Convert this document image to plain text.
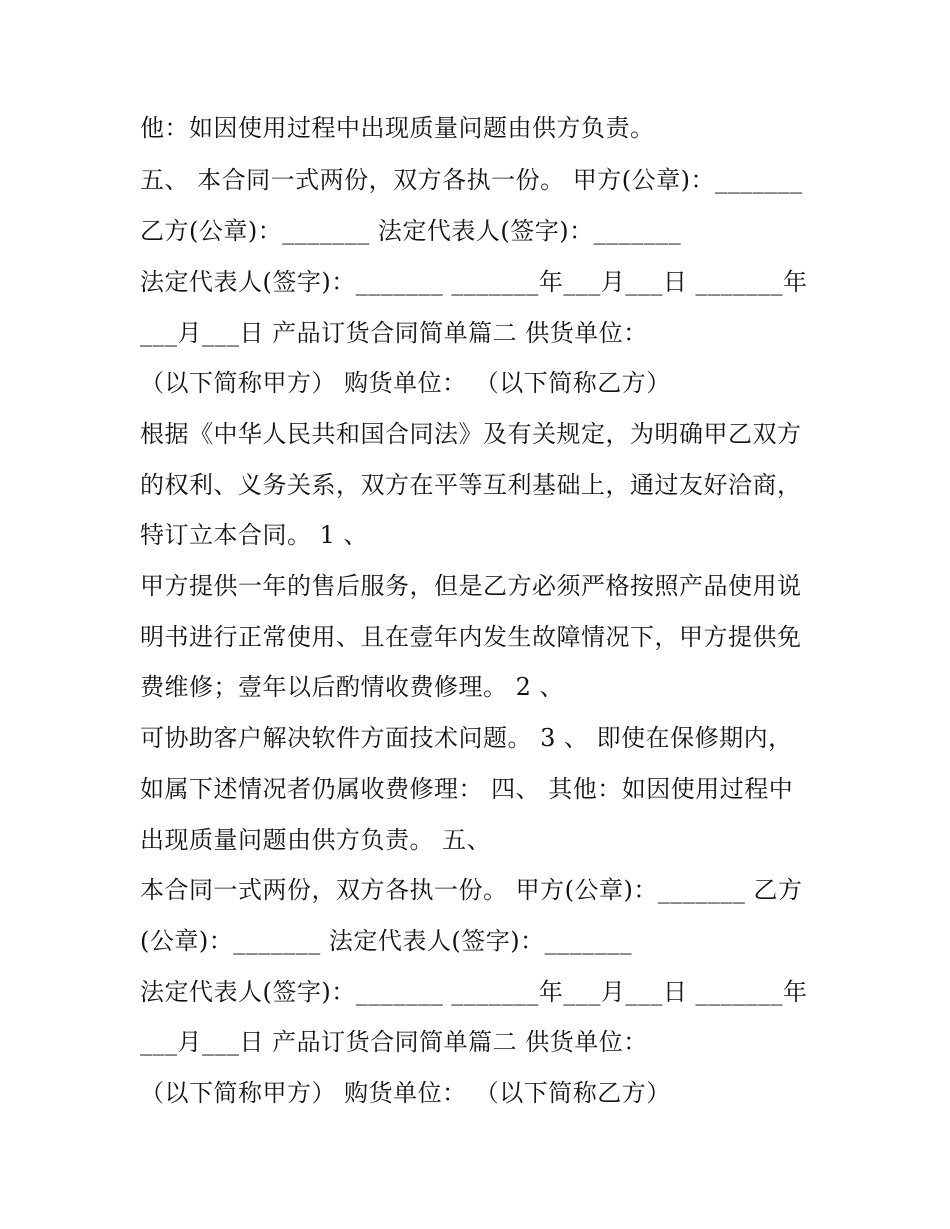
他：如因使用过程中出现质量问题由供方负责。
五、 本合同一式两份，双方各执一份。 甲方(公章)：_______
乙方(公章)：_______ 法定代表人(签字)：_______
法定代表人(签字)：_______ _______年___月___日 _______年
___月___日 产品订货合同简单篇二 供货单位：
（以下简称甲方） 购货单位： （以下简称乙方）
根据《中华人民共和国合同法》及有关规定，为明确甲乙双方
的权利、义务关系，双方在平等互利基础上，通过友好洽商，
特订立本合同。 1 、
甲方提供一年的售后服务，但是乙方必须严格按照产品使用说
明书进行正常使用、且在壹年内发生故障情况下，甲方提供免
费维修；壹年以后酌情收费修理。 2 、
可协助客户解决软件方面技术问题。 3 、 即使在保修期内，
如属下述情况者仍属收费修理： 四、 其他：如因使用过程中
出现质量问题由供方负责。 五、
本合同一式两份，双方各执一份。 甲方(公章)：_______ 乙方
(公章)：_______ 法定代表人(签字)：_______
法定代表人(签字)：_______ _______年___月___日 _______年
___月___日 产品订货合同简单篇二 供货单位：
（以下简称甲方） 购货单位： （以下简称乙方）
